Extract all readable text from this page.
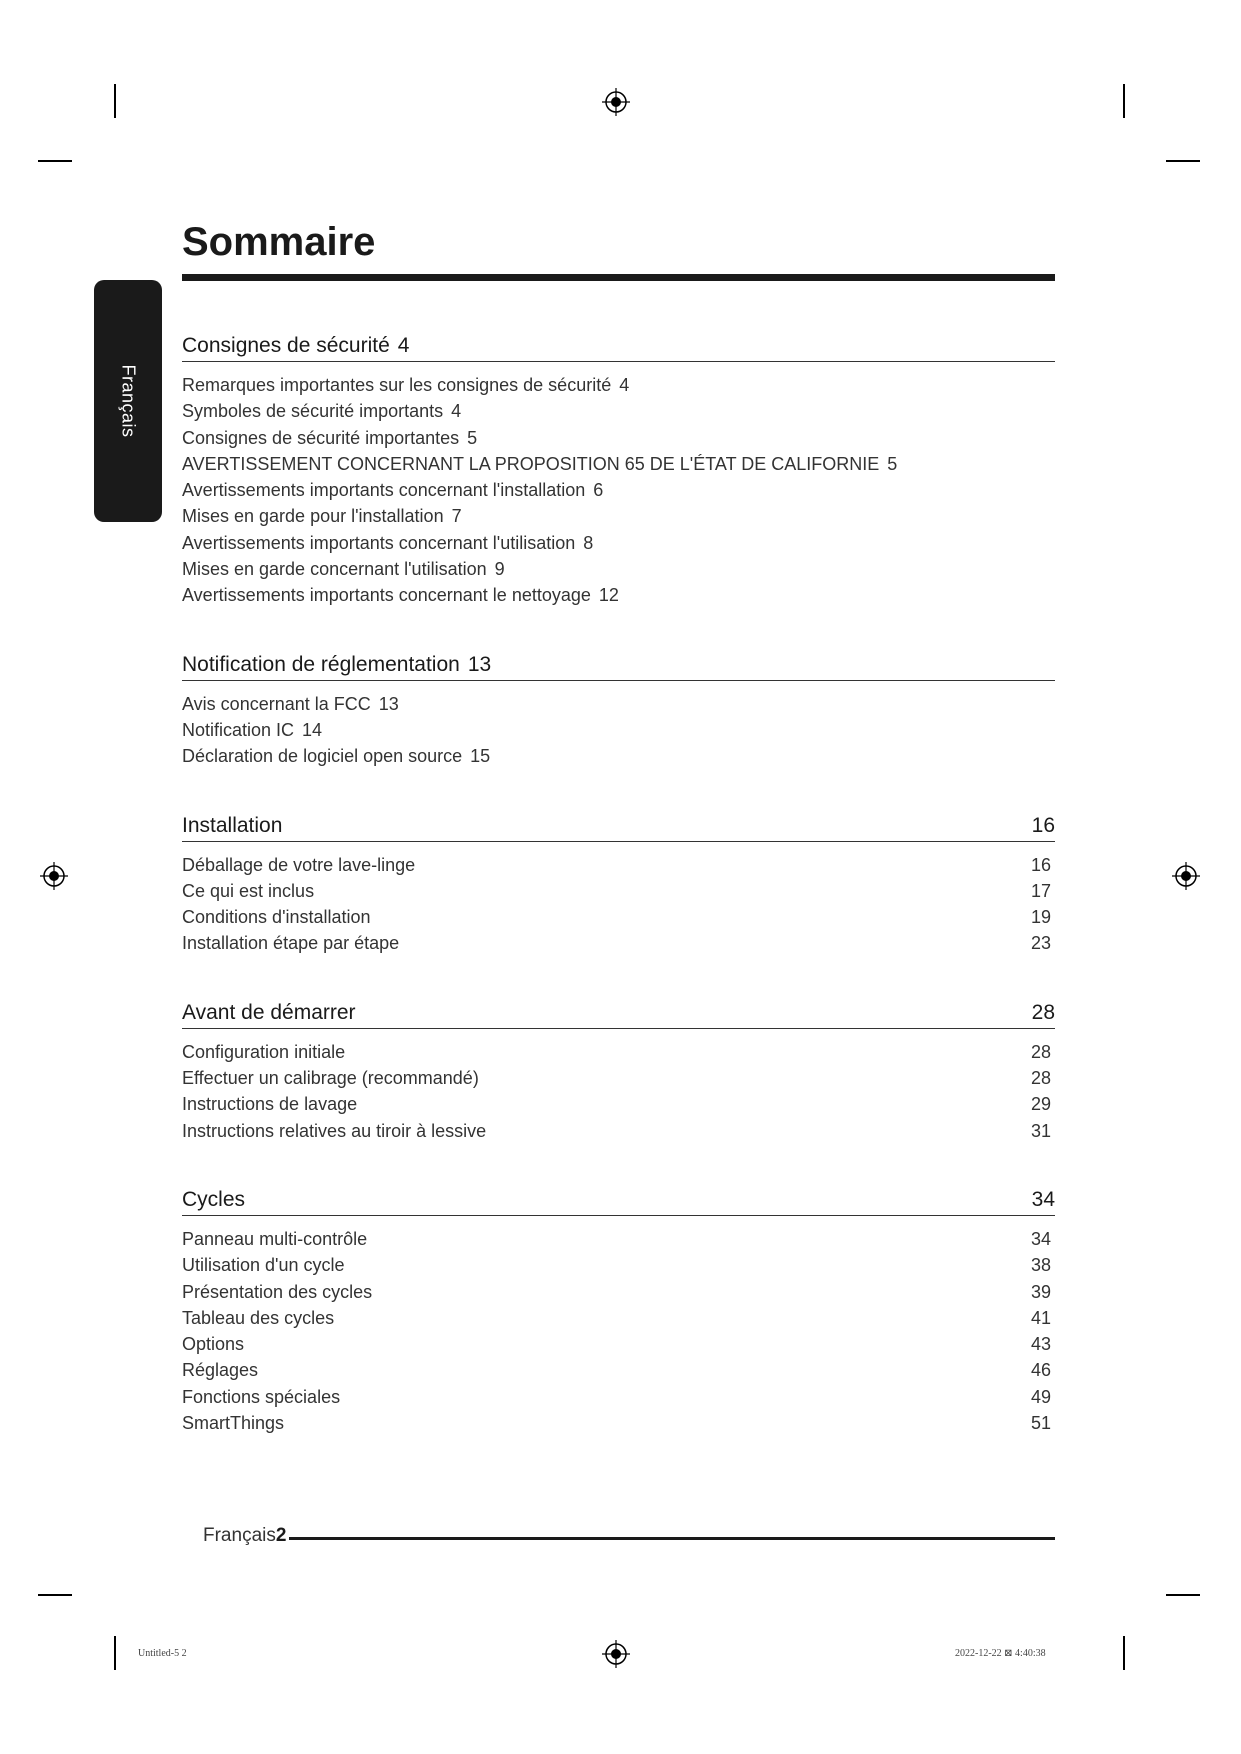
Français
Sommaire
Consignes de sécurité 4
Remarques importantes sur les consignes de sécurité 4
Symboles de sécurité importants 4
Consignes de sécurité importantes 5
AVERTISSEMENT CONCERNANT LA PROPOSITION 65 DE L'ÉTAT DE CALIFORNIE 5
Avertissements importants concernant l'installation 6
Mises en garde pour l'installation 7
Avertissements importants concernant l'utilisation 8
Mises en garde concernant l'utilisation 9
Avertissements importants concernant le nettoyage 12
Notification de réglementation 13
Avis concernant la FCC 13
Notification IC 14
Déclaration de logiciel open source 15
Installation	16
Déballage de votre lave-linge	16
Ce qui est inclus	17
Conditions d'installation	19
Installation étape par étape	23
Avant de démarrer	28
Configuration initiale	28
Effectuer un calibrage (recommandé)	28
Instructions de lavage	29
Instructions relatives au tiroir à lessive	31
Cycles	34
Panneau multi-contrôle	34
Utilisation d'un cycle	38
Présentation des cycles	39
Tableau des cycles	41
Options	43
Réglages	46
Fonctions spéciales	49
SmartThings	51
Français2
Untitled-5 2	2022-12-22 ⊠ 4:40:38
